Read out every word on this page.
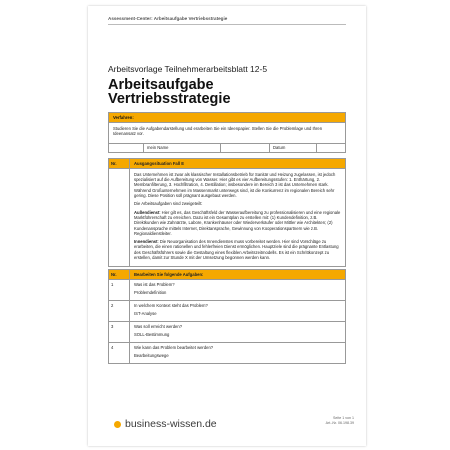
Assessment-Center: Arbeitsaufgabe Vertriebsstrategie
Arbeitsvorlage Teilnehmerarbeitsblatt 12-5
Arbeitsaufgabe
Vertriebsstrategie
Verfahren:
Studieren Sie die Aufgabendarstellung und erarbeiten Sie ein Ideenpapier. Stellen Sie die Problemlage und Ihren Ideenansatz vor.
mein Name	Datum
Nr.	Ausgangssituation Fall E

Das Unternehmen ist zwar als klassischer Installationsbetrieb für Sanitär und Heizung zugelassen, ist jedoch spezialisiert auf die Aufbereitung von Wasser. Hier gibt es vier Aufbereitungsstufen: 1. Enthärtung, 2. Membranfilterung, 3. Hochfiltration, 4. Destillation; insbesondere im Bereich 3 ist das Unternehmen stark. Während Großunternehmen im Massenmarkt unterwegs sind, ist die Konkurrenz im regionalen Bereich sehr gering. Diese Position soll prägnant ausgebaut werden.

Die Arbeitsaufgaben sind zweigeteilt:

Außendienst: Hier gilt es, das Geschäftsfeld der Wasseraufbereitung zu professionalisieren und eine regionale Marktführerschaft zu erreichen. Dazu ist ein Gesamtplan zu erstellen mit: (1) Kundendefinition, z.B. Direktkunden wie Zahnärzte, Labore, Krankenhäuser oder Wiederverkäufer oder Mittler wie Architekten; (2) Kundenansprache mittels Internet, Direktansprache, Gewinnung von Kooperationspartnern wie z.B. Regionaldienstleiter.

Innendienst: Die Neuorganisation des Innendienstes muss vorbereitet werden. Hier sind Vorschläge zu erarbeiten, die einen rationellen und fehlerfreien Dienst ermöglichen. Hauptziele sind die prägnante Entlastung des Geschäftsführers sowie die Gestaltung eines flexiblen Arbeitszeitmodells. Es ist ein Schrittkonzept zu erstellen, damit zur Stunde X mit der Umsetzung begonnen werden kann.

Nr.	Bearbeiten Sie folgende Aufgaben:
1	Was ist das Problem?
Problemdefinition
2	In welchem Kontext steht das Problem?
IST-Analyse
3	Was soll erreicht werden?
SOLL-Bestimmung
4	Wie kann das Problem bearbeitet werden?
Bearbeitungswege
business-wissen.de	Seite 1 von 1
Art.-Nr. 06.198.39
